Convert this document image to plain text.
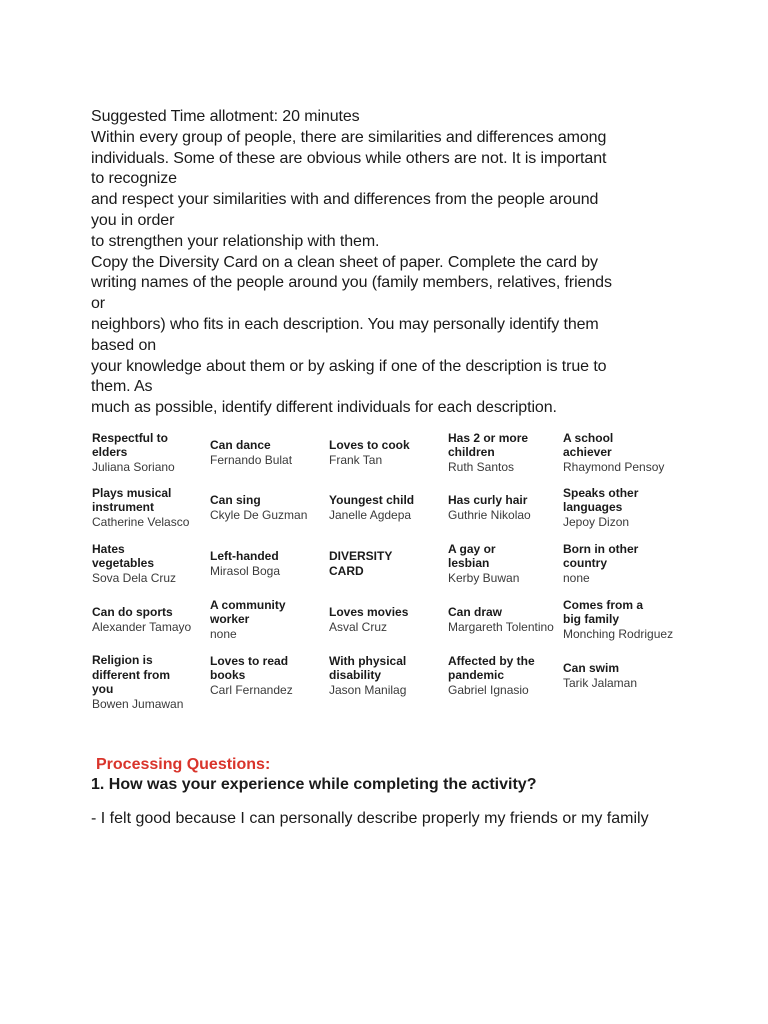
Suggested Time allotment: 20 minutes

Within every group of people, there are similarities and differences among

individuals. Some of these are obvious while others are not. It is important

to recognize

and respect your similarities with and differences from the people around

you in order

to strengthen your relationship with them.

Copy the Diversity Card on a clean sheet of paper. Complete the card by

writing names of the people around you (family members, relatives, friends

or

neighbors) who fits in each description. You may personally identify them

based on

your knowledge about them or by asking if one of the description is true to

them. As

much as possible, identify different individuals for each description.

Respectful to elders
Juliana Soriano
Can dance
Fernando Bulat
Loves to cook
Frank Tan
Has 2 or more children
Ruth Santos
A school achiever
Rhaymond Pensoy
Plays musical instrument
Catherine Velasco
Can sing
Ckyle De Guzman
Youngest child
Janelle Agdepa
Has curly hair
Guthrie Nikolao
Speaks other languages
Jepoy Dizon
Hates vegetables
Sova Dela Cruz
Left-handed
Mirasol Boga
DIVERSITY CARD
A gay or lesbian
Kerby Buwan
Born in other country
none
Can do sports
Alexander Tamayo
A community worker
none
Loves movies
Asval Cruz
Can draw
Margareth Tolentino
Comes from a big family
Monching Rodriguez
Religion is different from you
Bowen Jumawan
Loves to read books
Carl Fernandez
With physical disability
Jason Manilag
Affected by the pandemic
Gabriel Ignasio
Can swim
Tarik Jalaman

Processing Questions:

1. How was your experience while completing the activity?

- I felt good because I can personally describe properly my friends or my family
